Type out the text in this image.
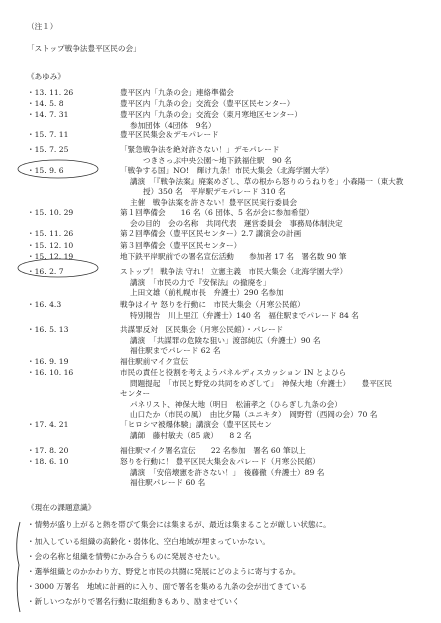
（注１）
「ストップ戦争法豊平区民の会」
《あゆみ》
・13. 11. 26	豊平区内「九条の会」連絡準備会
・14. 5. 8	豊平区内「九条の会」交流会（豊平区民センター）
・14. 7. 31	豊平区内「九条の会」交流会（東月寒地区センター）
参加団体（4団体　9名）
・15. 7. 11	豊平区民集会＆デモパレード
・15. 7. 25	「緊急戦争法を絶対許さない！」デモパレード
つきさっぷ中央公園〜地下鉄福住駅　90 名
・15. 9. 6	「戦争する国」NO!　輝け九条！市民大集会（北海学園大学）
講演　「『戦争法案』廃案めざし、草の根から怒りのうねりを」小森陽一（東大教
授）350 名　平岸駅デモパレード 310 名
主催　戦争法案を許さない！豊平区民実行委員会
・15. 10. 29	第１回準備会　　16 名（6 団体、5 名が会に参加希望）
会の目的　会の名称　共同代表　運営委員会　事務局体制決定
・15. 11. 26	第２回準備会（豊平区民センター）2.7 講演会の計画
・15. 12. 10	第３回準備会（豊平区民センター）
・15. 12. 19	地下鉄平岸駅前での署名宣伝活動　　参加者 17 名　署名数 90 筆
・16. 2. 7	ストップ！ 戦争法 守れ！ 立憲主義　市民大集会（北海学園大学）
講演　「市民の力で『安保法』の撤廃を」
上田文雄（前札幌市長　弁護士）290 名参加
・16. 4.3	戦争はイヤ 怒りを行動に　市民大集会（月寒公民館）
特別報告　川上里江（弁護士）140 名　福住駅までパレード 84 名
・16. 5. 13	共謀罪反対　区民集会（月寒公民館）・パレード
講演　「共謀罪の危険な狙い」渡部純広（弁護士）90 名
福住駅までパレード 62 名
・16. 9. 19	福住駅前マイク宣伝
・16. 10. 16	市民の責任と役割を考えようパネルディスカッション IN とよひら
問題提起　「市民と野党の共同をめざして」　神保大地（弁護士）　　豊平区民
センター
パネリスト、神保大地（明日　松浦孝之（ひらぎし九条の会）
山口たか（市民の風）　由比夕陽（ユニキタ）　岡野哲（西岡の会）70 名
・17. 4. 21	「ヒロシマ被爆体験」講演会（豊平区民セン
講師　藤村敏夫（85 歳）　　8 2 名
・17. 8. 20	福住駅マイク署名宣伝　　22 名参加　署名 60 筆以上
・18. 6. 10	怒りを行動に！ 豊平区民大集会＆パレード（月寒公民館）
講演　「安倍壊憲を許さない！」　後藤徹（弁護士）89 名
福住駅パレード 60 名
《現在の課題意識》
・情勢が盛り上がると熱を帯びて集会には集まるが、最近は集まることが厳しい状態に。
・加入している組織の高齢化・弱体化、空白地域が埋まっていかない。
・会の名称と組織を情勢にかみ合うものに発展させたい。
・選挙組織とのかかわり方、野党と市民の共闘に発展にどのように寄与するか。
・3000 万署名　地域に計画的に入り、面で署名を集める九条の会が出てきている
・新しいつながりで署名行動に取組動きもあり、励ませていく
